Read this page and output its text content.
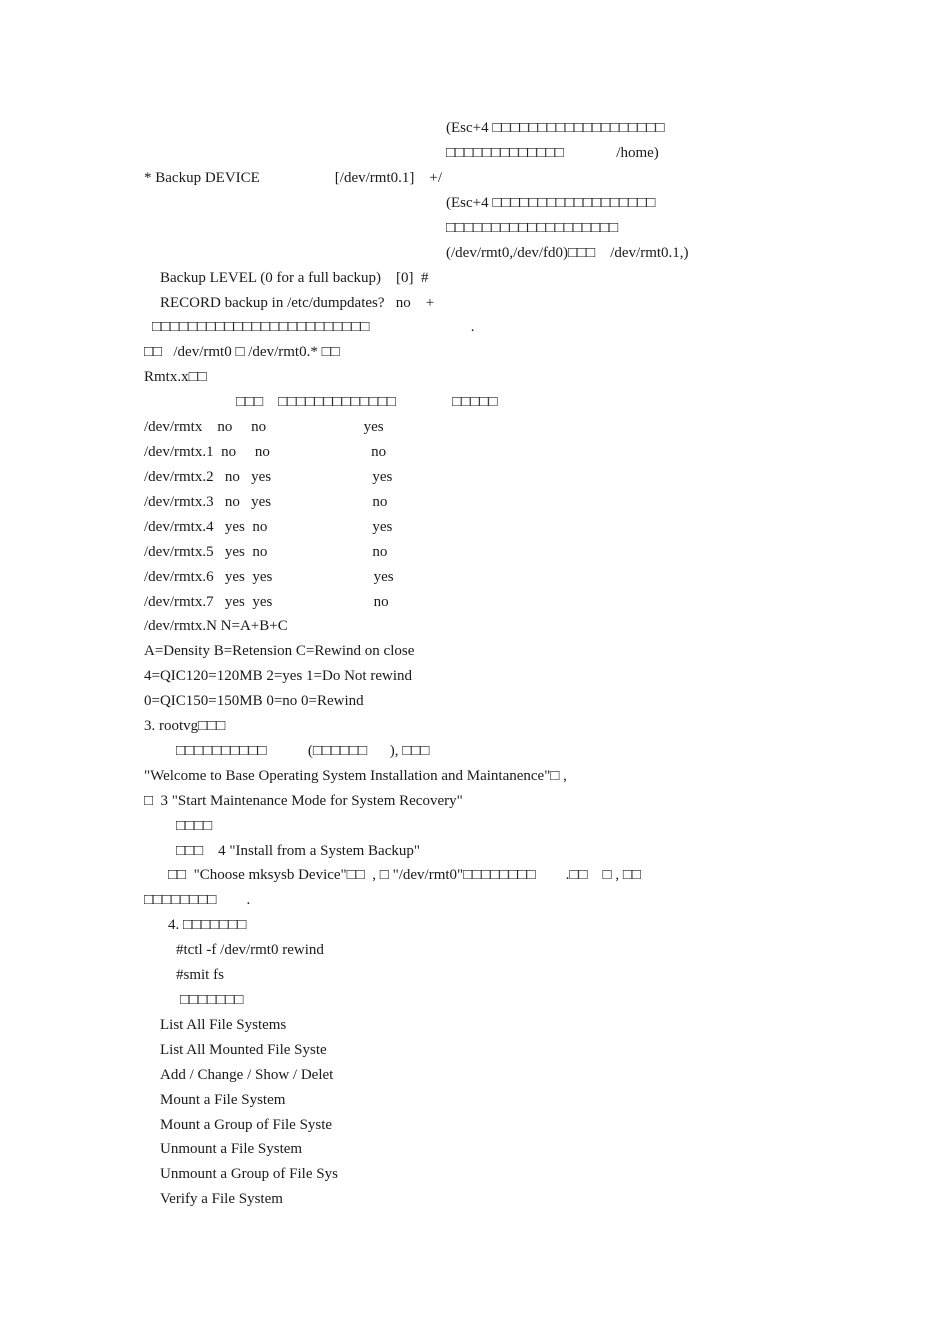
(Esc+4 □□□□□□□□□□□□□□□□□□□
□□□□□□□□□□□□□              /home)
* Backup DEVICE                    [/dev/rmt0.1]    +/
(Esc+4 □□□□□□□□□□□□□□□□□□
□□□□□□□□□□□□□□□□□□□
(/dev/rmt0,/dev/fd0)□□□    /dev/rmt0.1,)
Backup LEVEL (0 for a full backup)    [0]  #
RECORD backup in /etc/dumpdates?   no    +
□□□□□□□□□□□□□□□□□□□□□□□□                           .
□□   /dev/rmt0 □ /dev/rmt0.* □□
Rmtx.x□□
□□□    □□□□□□□□□□□□□               □□□□□
/dev/rmtx    no     no                          yes
/dev/rmtx.1  no     no                           no
/dev/rmtx.2   no   yes                           yes
/dev/rmtx.3   no   yes                           no
/dev/rmtx.4   yes  no                            yes
/dev/rmtx.5   yes  no                            no
/dev/rmtx.6   yes  yes                           yes
/dev/rmtx.7   yes  yes                           no
/dev/rmtx.N N=A+B+C
A=Density B=Retension C=Rewind on close
4=QIC120=120MB 2=yes 1=Do Not rewind
0=QIC150=150MB 0=no 0=Rewind
3. rootvg□□□
□□□□□□□□□□           (□□□□□□      ), □□□
"Welcome to Base Operating System Installation and Maintanence"□ ,
□  3 "Start Maintenance Mode for System Recovery"
□□□□
□□□    4 "Install from a System Backup"
□□  "Choose mksysb Device"□□  , □ "/dev/rmt0"□□□□□□□□        .□□    □ , □□
□□□□□□□□        .
4. □□□□□□□
#tctl -f /dev/rmt0 rewind
#smit fs
□□□□□□□
List All File Systems
List All Mounted File Syste
Add / Change / Show / Delet
Mount a File System
Mount a Group of File Syste
Unmount a File System
Unmount a Group of File Sys
Verify a File System
